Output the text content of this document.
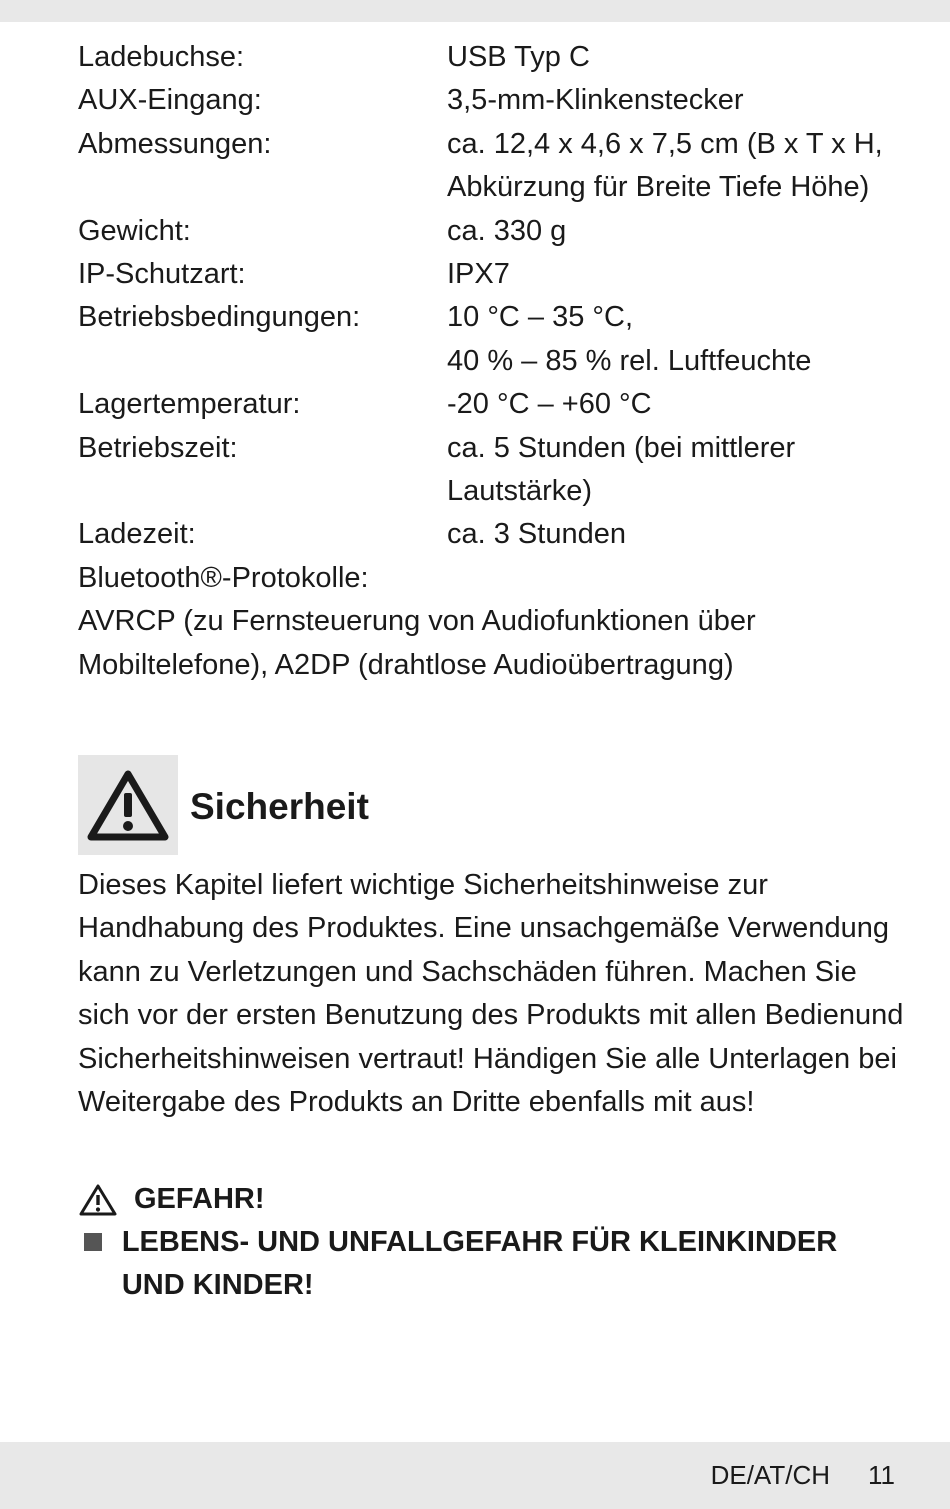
Ladebuchse:	USB Typ C
AUX-Eingang:	3,5-mm-Klinkenstecker
Abmessungen:	ca. 12,4 x 4,6 x 7,5 cm (B x T x H, Abkürzung für Breite Tiefe Höhe)
Gewicht:	ca. 330 g
IP-Schutzart:	IPX7
Betriebsbedingungen:	10 °C – 35 °C,
40 % – 85 % rel. Luftfeuchte
Lagertemperatur:	-20 °C – +60 °C
Betriebszeit:	ca. 5 Stunden (bei mittlerer Lautstärke)
Ladezeit:	ca. 3 Stunden
Bluetooth®-Protokolle:
AVRCP (zu Fernsteuerung von Audiofunktionen über Mobiltelefone), A2DP (drahtlose Audioübertragung)
Sicherheit

Dieses Kapitel liefert wichtige Sicherheitshinweise zur Handhabung des Produktes. Eine unsachgemäße Verwendung kann zu Verletzungen und Sachschäden führen. Machen Sie sich vor der ersten Benutzung des Produkts mit allen Bedienund Sicherheitshinweisen vertraut! Händigen Sie alle Unterlagen bei Weitergabe des Produkts an Dritte ebenfalls mit aus!

GEFAHR!
LEBENS- UND UNFALLGEFAHR FÜR KLEINKINDER UND KINDER!
DE/AT/CH 11
